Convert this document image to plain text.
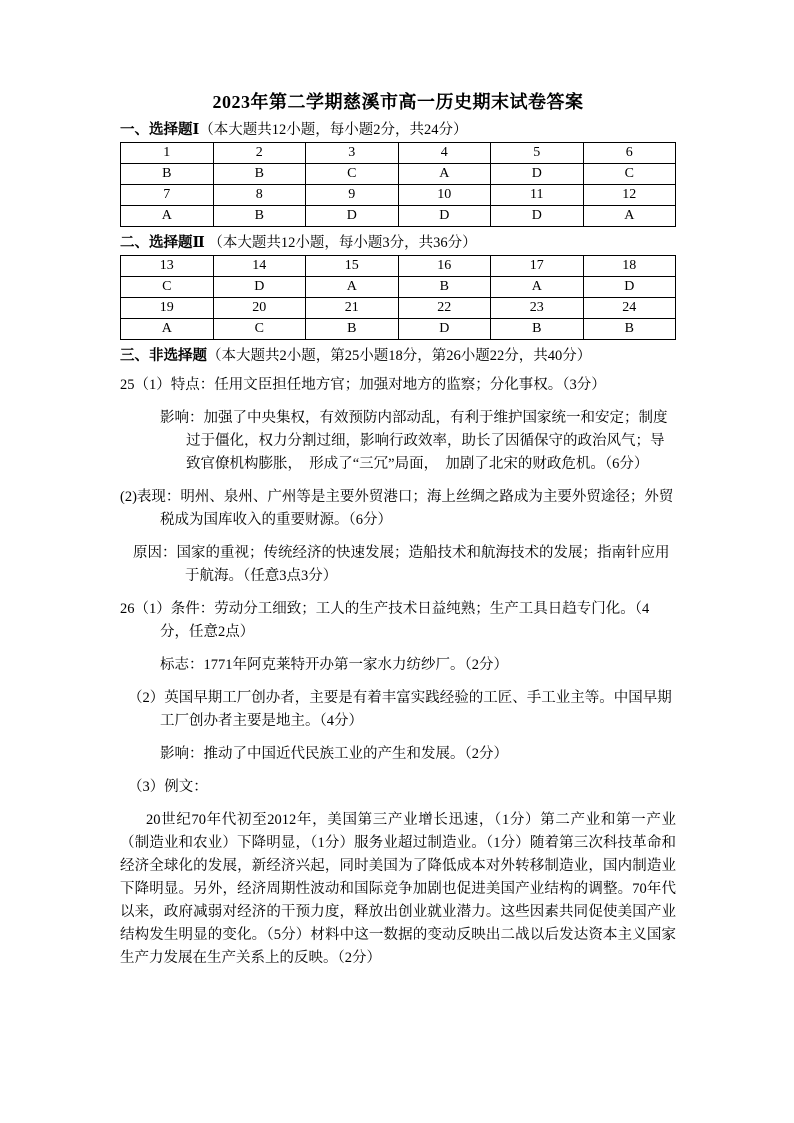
2023年第二学期慈溪市高一历史期末试卷答案
一、选择题Ⅰ（本大题共12小题，每小题2分，共24分）
1	2	3	4	5	6
B	B	C	A	D	C
7	8	9	10	11	12
A	B	D	D	D	A
二、选择题Ⅱ （本大题共12小题，每小题3分，共36分）
13	14	15	16	17	18
C	D	A	B	A	D
19	20	21	22	23	24
A	C	B	D	B	B
三、非选择题（本大题共2小题，第25小题18分，第26小题22分，共40分）

25（1）特点：任用文臣担任地方官；加强对地方的监察；分化事权。（3分）

影响：加强了中央集权，有效预防内部动乱，有利于维护国家统一和安定；制度过于僵化，权力分割过细，影响行政效率，助长了因循保守的政治风气；导致官僚机构膨胀，　形成了“三冗”局面，　加剧了北宋的财政危机。（6分）

(2)表现：明州、泉州、广州等是主要外贸港口；海上丝绸之路成为主要外贸途径；外贸税成为国库收入的重要财源。（6分）

原因：国家的重视；传统经济的快速发展；造船技术和航海技术的发展；指南针应用于航海。（任意3点3分）

26（1）条件：劳动分工细致；工人的生产技术日益纯熟；生产工具日趋专门化。（4分，任意2点）

标志：1771年阿克莱特开办第一家水力纺纱厂。（2分）

（2）英国早期工厂创办者，主要是有着丰富实践经验的工匠、手工业主等。中国早期工厂创办者主要是地主。（4分）

影响：推动了中国近代民族工业的产生和发展。（2分）

（3）例文：

20世纪70年代初至2012年，美国第三产业增长迅速，（1分）第二产业和第一产业（制造业和农业）下降明显，（1分）服务业超过制造业。（1分）随着第三次科技革命和经济全球化的发展，新经济兴起，同时美国为了降低成本对外转移制造业，国内制造业下降明显。另外，经济周期性波动和国际竞争加剧也促进美国产业结构的调整。70年代以来，政府减弱对经济的干预力度，释放出创业就业潜力。这些因素共同促使美国产业结构发生明显的变化。（5分）材料中这一数据的变动反映出二战以后发达资本主义国家生产力发展在生产关系上的反映。（2分）
